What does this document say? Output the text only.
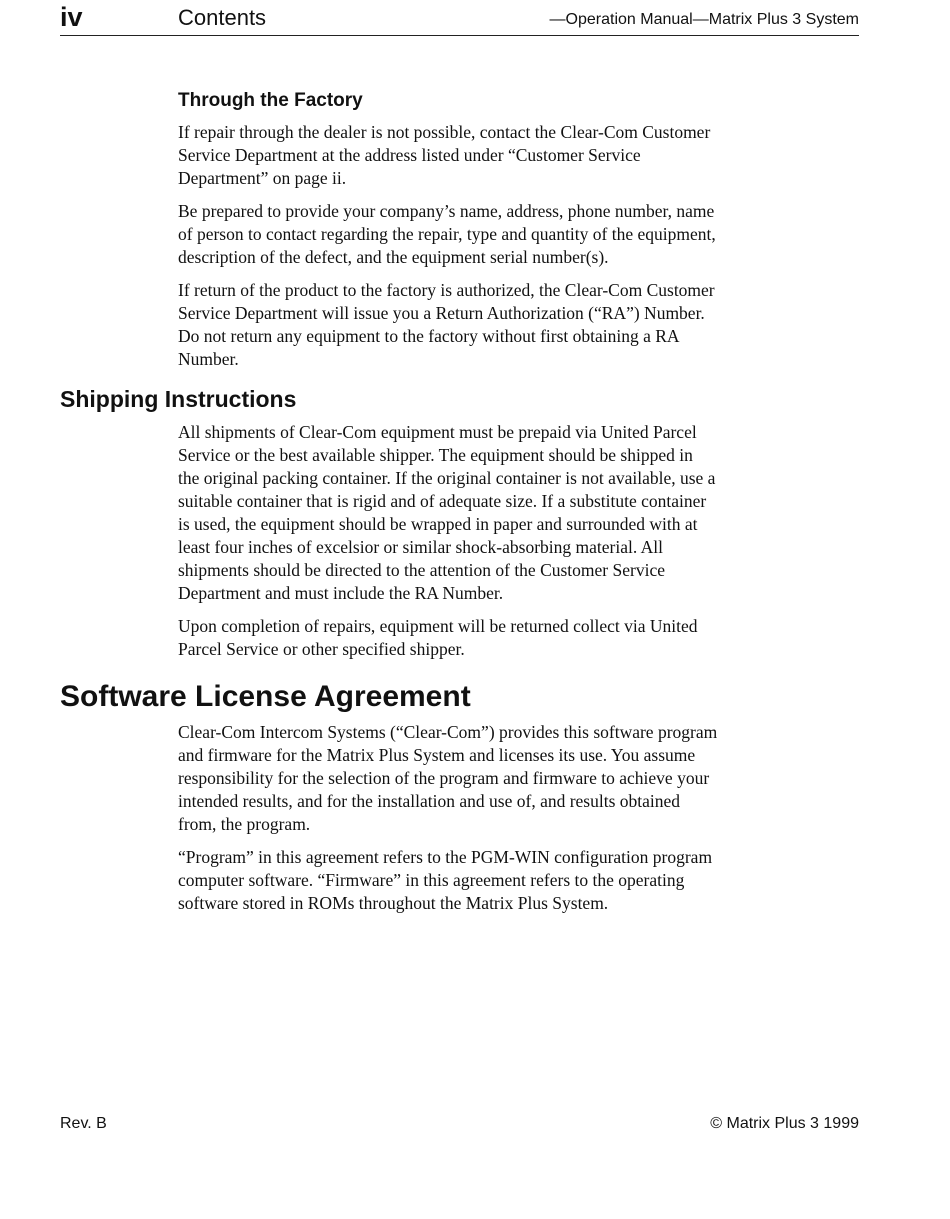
iv	Contents	—Operation Manual—Matrix Plus 3 System
Through the Factory

If repair through the dealer is not possible, contact the Clear-Com Customer Service Department at the address listed under “Customer Service Department” on page ii.

Be prepared to provide your company’s name, address, phone number, name of person to contact regarding the repair, type and quantity of the equipment, description of the defect, and the equipment serial number(s).

If return of the product to the factory is authorized, the Clear-Com Customer Service Department will issue you a Return Authorization (“RA”) Number. Do not return any equipment to the factory without first obtaining a RA Number.

Shipping Instructions

All shipments of Clear-Com equipment must be prepaid via United Parcel Service or the best available shipper. The equipment should be shipped in the original packing container. If the original container is not available, use a suitable container that is rigid and of adequate size. If a substitute container is used, the equipment should be wrapped in paper and surrounded with at least four inches of excelsior or similar shock-absorbing material. All shipments should be directed to the attention of the Customer Service Department and must include the RA Number.

Upon completion of repairs, equipment will be returned collect via United Parcel Service or other specified shipper.

Software License Agreement

Clear-Com Intercom Systems (“Clear-Com”) provides this software program and firmware for the Matrix Plus System and licenses its use. You assume responsibility for the selection of the program and firmware to achieve your intended results, and for the installation and use of, and results obtained from, the program.

“Program” in this agreement refers to the PGM-WIN configuration program computer software. “Firmware” in this agreement refers to the operating software stored in ROMs throughout the Matrix Plus System.

Rev. B	© Matrix Plus 3 1999
